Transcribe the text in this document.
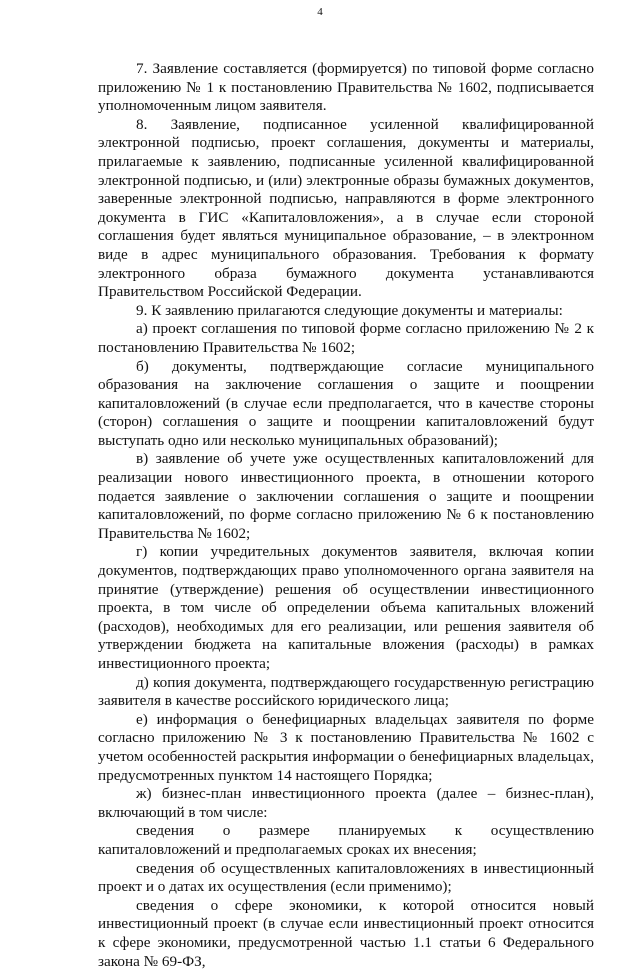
4

7. Заявление составляется (формируется) по типовой форме согласно приложению № 1 к постановлению Правительства № 1602, подписывается уполномоченным лицом заявителя.

8. Заявление, подписанное усиленной квалифицированной электронной подписью, проект соглашения, документы и материалы, прилагаемые к заявлению, подписанные усиленной квалифицированной электронной подписью, и (или) электронные образы бумажных документов, заверенные электронной подписью, направляются в форме электронного документа в ГИС «Капиталовложения», а в случае если стороной соглашения будет являться муниципальное образование, – в электронном виде в адрес муниципального образования. Требования к формату электронного образа бумажного документа устанавливаются Правительством Российской Федерации.

9. К заявлению прилагаются следующие документы и материалы:

а) проект соглашения по типовой форме согласно приложению № 2 к постановлению Правительства № 1602;

б) документы, подтверждающие согласие муниципального образования на заключение соглашения о защите и поощрении капиталовложений (в случае если предполагается, что в качестве стороны (сторон) соглашения о защите и поощрении капиталовложений будут выступать одно или несколько муниципальных образований);

в) заявление об учете уже осуществленных капиталовложений для реализации нового инвестиционного проекта, в отношении которого подается заявление о заключении соглашения о защите и поощрении капиталовложений, по форме согласно приложению № 6 к постановлению Правительства № 1602;

г) копии учредительных документов заявителя, включая копии документов, подтверждающих право уполномоченного органа заявителя на принятие (утверждение) решения об осуществлении инвестиционного проекта, в том числе об определении объема капитальных вложений (расходов), необходимых для его реализации, или решения заявителя об утверждении бюджета на капитальные вложения (расходы) в рамках инвестиционного проекта;

д) копия документа, подтверждающего государственную регистрацию заявителя в качестве российского юридического лица;

е) информация о бенефициарных владельцах заявителя по форме согласно приложению № 3 к постановлению Правительства № 1602 с учетом особенностей раскрытия информации о бенефициарных владельцах, предусмотренных пунктом 14 настоящего Порядка;

ж) бизнес-план инвестиционного проекта (далее – бизнес-план), включающий в том числе:

сведения о размере планируемых к осуществлению капиталовложений и предполагаемых сроках их внесения;

сведения об осуществленных капиталовложениях в инвестиционный проект и о датах их осуществления (если применимо);

сведения о сфере экономики, к которой относится новый инвестиционный проект (в случае если инвестиционный проект относится к сфере экономики, предусмотренной частью 1.1 статьи 6 Федерального закона № 69-ФЗ,
